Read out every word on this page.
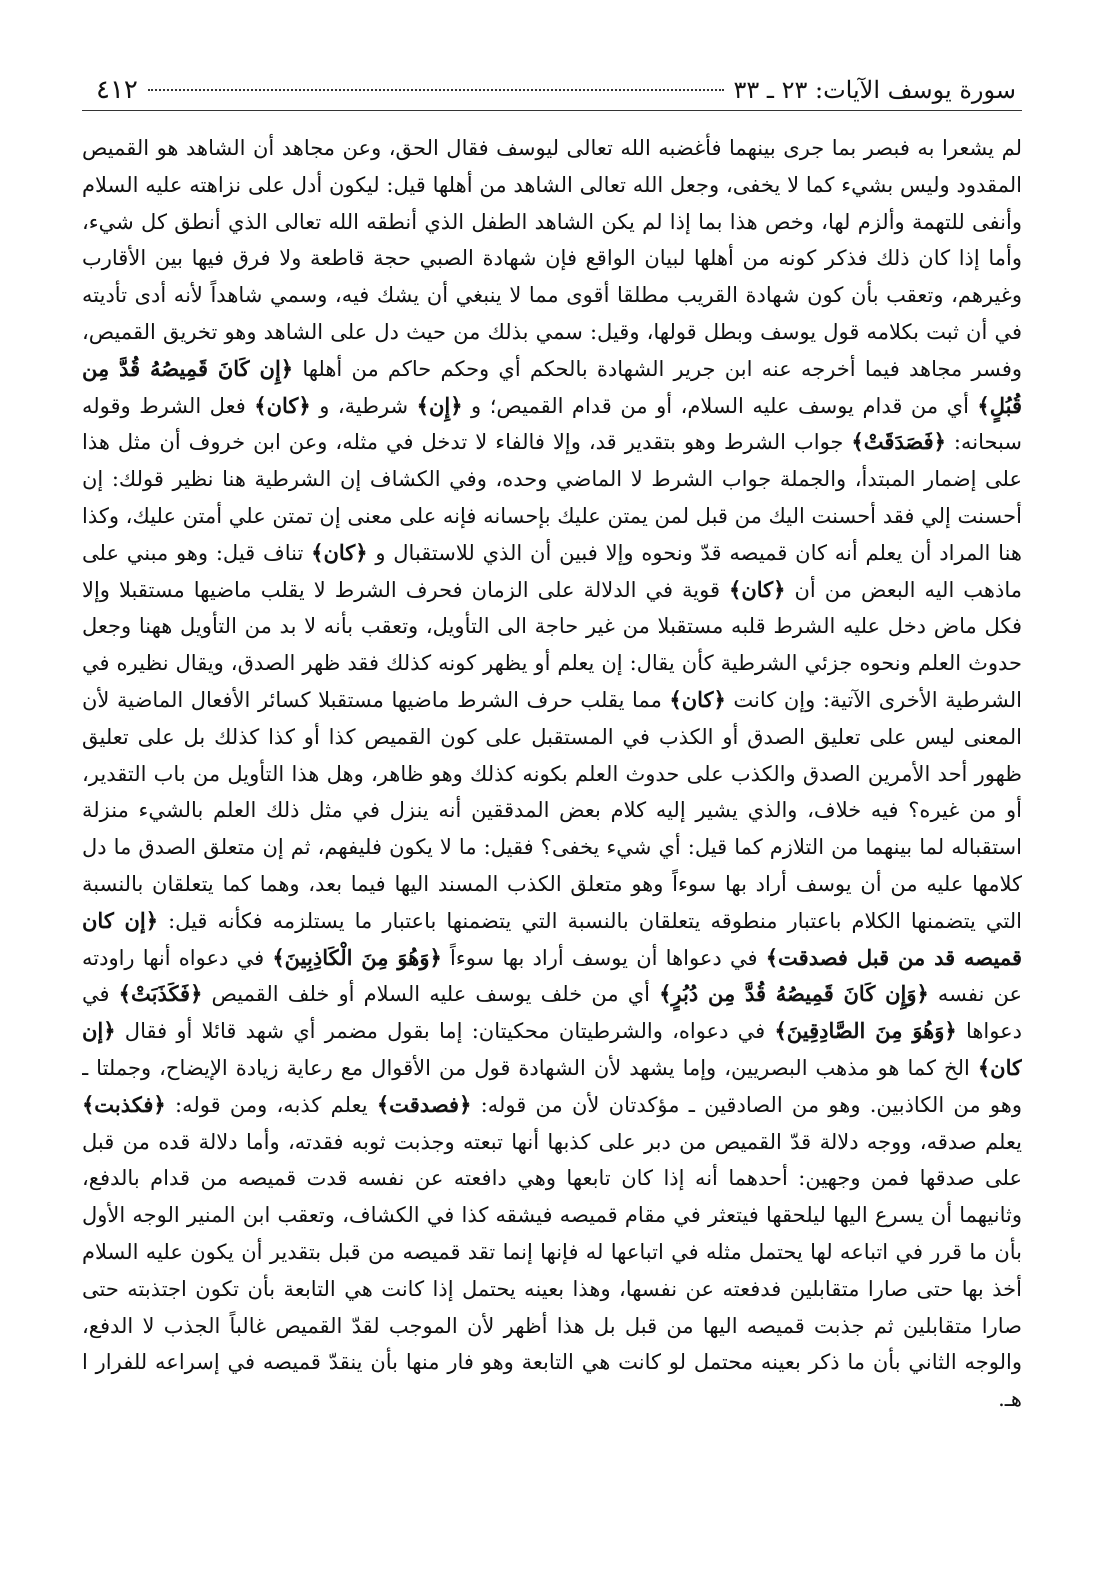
سورة يوسف الآيات: ٢٣ ـ ٣٣
٤١٢

لم يشعرا به فبصر بما جرى بينهما فأغضبه الله تعالى ليوسف فقال الحق، وعن مجاهد أن الشاهد هو القميص المقدود وليس بشيء كما لا يخفى، وجعل الله تعالى الشاهد من أهلها قيل: ليكون أدل على نزاهته عليه السلام وأنفى للتهمة وألزم لها، وخص هذا بما إذا لم يكن الشاهد الطفل الذي أنطقه الله تعالى الذي أنطق كل شيء، وأما إذا كان ذلك فذكر كونه من أهلها لبيان الواقع فإن شهادة الصبي حجة قاطعة ولا فرق فيها بين الأقارب وغيرهم، وتعقب بأن كون شهادة القريب مطلقا أقوى مما لا ينبغي أن يشك فيه، وسمي شاهداً لأنه أدى تأديته في أن ثبت بكلامه قول يوسف وبطل قولها، وقيل: سمي بذلك من حيث دل على الشاهد وهو تخريق القميص، وفسر مجاهد فيما أخرجه عنه ابن جرير الشهادة بالحكم أي وحكم حاكم من أهلها ﴿إِن كَانَ قَمِيصُهُ قُدَّ مِن قُبُلٍ﴾ أي من قدام يوسف عليه السلام، أو من قدام القميص؛ و ﴿إِن﴾ شرطية، و ﴿كان﴾ فعل الشرط وقوله سبحانه: ﴿فَصَدَقَتْ﴾ جواب الشرط وهو بتقدير قد، وإلا فالفاء لا تدخل في مثله، وعن ابن خروف أن مثل هذا على إضمار المبتدأ، والجملة جواب الشرط لا الماضي وحده، وفي الكشاف إن الشرطية هنا نظير قولك: إن أحسنت إلي فقد أحسنت اليك من قبل لمن يمتن عليك بإحسانه فإنه على معنى إن تمتن علي أمتن عليك، وكذا هنا المراد أن يعلم أنه كان قميصه قدّ ونحوه وإلا فبين أن الذي للاستقبال و ﴿كان﴾ تناف قيل: وهو مبني على ماذهب اليه البعض من أن ﴿كان﴾ قوية في الدلالة على الزمان فحرف الشرط لا يقلب ماضيها مستقبلا وإلا فكل ماض دخل عليه الشرط قلبه مستقبلا من غير حاجة الى التأويل، وتعقب بأنه لا بد من التأويل ههنا وجعل حدوث العلم ونحوه جزئي الشرطية كأن يقال: إن يعلم أو يظهر كونه كذلك فقد ظهر الصدق، ويقال نظيره في الشرطية الأخرى الآتية: وإن كانت ﴿كان﴾ مما يقلب حرف الشرط ماضيها مستقبلا كسائر الأفعال الماضية لأن المعنى ليس على تعليق الصدق أو الكذب في المستقبل على كون القميص كذا أو كذا كذلك بل على تعليق ظهور أحد الأمرين الصدق والكذب على حدوث العلم بكونه كذلك وهو ظاهر، وهل هذا التأويل من باب التقدير، أو من غيره؟ فيه خلاف، والذي يشير إليه كلام بعض المدققين أنه ينزل في مثل ذلك العلم بالشيء منزلة استقباله لما بينهما من التلازم كما قيل: أي شيء يخفى؟ فقيل: ما لا يكون فليفهم، ثم إن متعلق الصدق ما دل كلامها عليه من أن يوسف أراد بها سوءاً وهو متعلق الكذب المسند اليها فيما بعد، وهما كما يتعلقان بالنسبة التي يتضمنها الكلام باعتبار منطوقه يتعلقان بالنسبة التي يتضمنها باعتبار ما يستلزمه فكأنه قيل: ﴿إن كان قميصه قد من قبل فصدقت﴾ في دعواها أن يوسف أراد بها سوءاً ﴿وَهُوَ مِنَ الْكَاذِبِينَ﴾ في دعواه أنها راودته عن نفسه ﴿وَإِن كَانَ قَمِيصُهُ قُدَّ مِن دُبُرٍ﴾ أي من خلف يوسف عليه السلام أو خلف القميص ﴿فَكَذَبَتْ﴾ في دعواها ﴿وَهُوَ مِنَ الصَّادِقِينَ﴾ في دعواه، والشرطيتان محكيتان: إما بقول مضمر أي شهد قائلا أو فقال ﴿إن كان﴾ الخ كما هو مذهب البصريين، وإما يشهد لأن الشهادة قول من الأقوال مع رعاية زيادة الإيضاح، وجملتا ـ وهو من الكاذبين. وهو من الصادقين ـ مؤكدتان لأن من قوله: ﴿فصدقت﴾ يعلم كذبه، ومن قوله: ﴿فكذبت﴾ يعلم صدقه، ووجه دلالة قدّ القميص من دبر على كذبها أنها تبعته وجذبت ثوبه فقدته، وأما دلالة قده من قبل على صدقها فمن وجهين: أحدهما أنه إذا كان تابعها وهي دافعته عن نفسه قدت قميصه من قدام بالدفع، وثانيهما أن يسرع اليها ليلحقها فيتعثر في مقام قميصه فيشقه كذا في الكشاف، وتعقب ابن المنير الوجه الأول بأن ما قرر في اتباعه لها يحتمل مثله في اتباعها له فإنها إنما تقد قميصه من قبل بتقدير أن يكون عليه السلام أخذ بها حتى صارا متقابلين فدفعته عن نفسها، وهذا بعينه يحتمل إذا كانت هي التابعة بأن تكون اجتذبته حتى صارا متقابلين ثم جذبت قميصه اليها من قبل بل هذا أظهر لأن الموجب لقدّ القميص غالباً الجذب لا الدفع، والوجه الثاني بأن ما ذكر بعينه محتمل لو كانت هي التابعة وهو فار منها بأن ينقدّ قميصه في إسراعه للفرار ا هـ.
